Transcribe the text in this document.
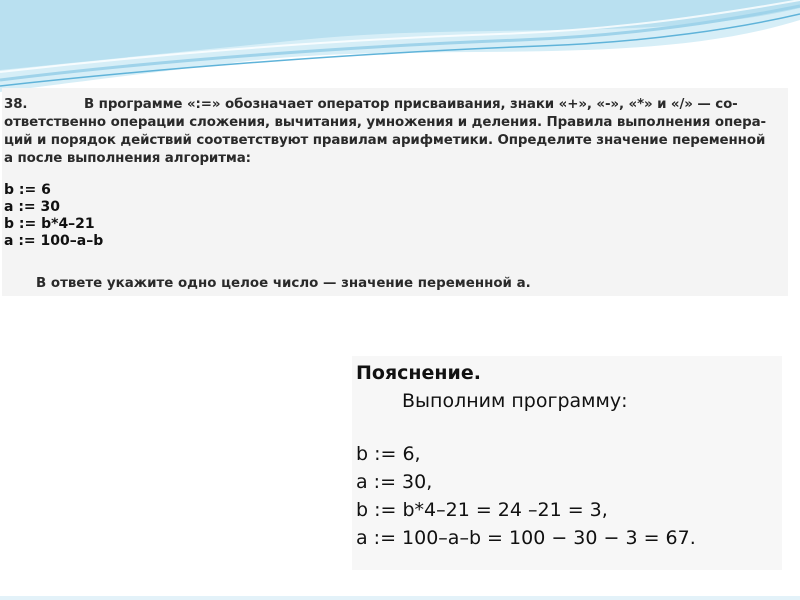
38.	В программе «:=» обозначает оператор присваивания, знаки «+», «-», «*» и «/» — со-
ответственно операции сложения, вычитания, умножения и деления. Правила выполнения опера-
ций и порядок действий соответствуют правилам арифметики. Определите значение переменной
а после выполнения алгоритма:
b := 6
a := 30
b := b*4–21
a := 100–a–b
В ответе укажите одно целое число — значение переменной a.
Пояснение.
Выполним программу:
b := 6,
a := 30,
b := b*4–21 = 24 –21 = 3,
a := 100–a–b = 100 − 30 − 3 = 67.
